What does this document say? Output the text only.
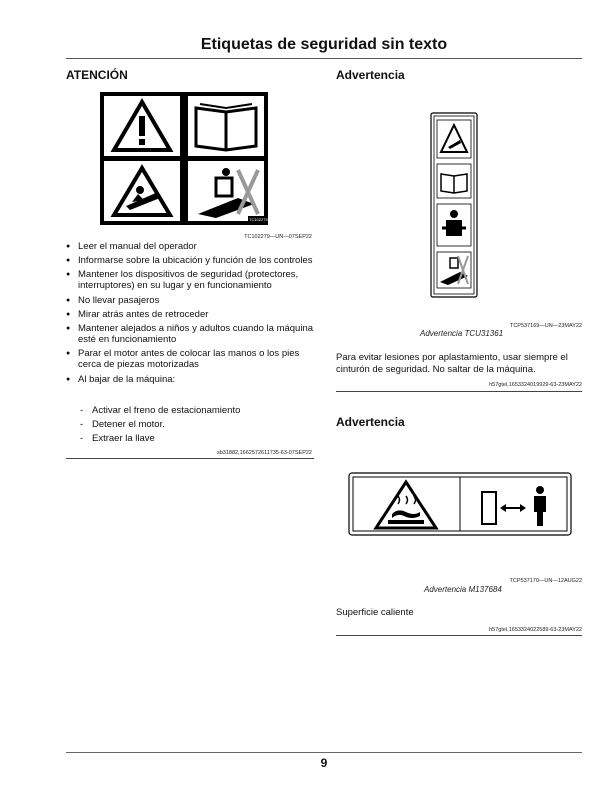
Etiquetas de seguridad sin texto
ATENCIÓN
TC102279
TC102279—UN—07SEP22
● Leer el manual del operador
● Informarse sobre la ubicación y función de los controles
● Mantener los dispositivos de seguridad (protectores, interruptores) en su lugar y en funcionamiento
● No llevar pasajeros
● Mirar atrás antes de retroceder
● Mantener alejados a niños y adultos cuando la máquina esté en funcionamiento
● Parar el motor antes de colocar las manos o los pies cerca de piezas motorizadas
● Al bajar de la máquina:
- Activar el freno de estacionamiento
- Detener el motor.
- Extraer la llave
sb31882,1662572611735-63-07SEP22
Advertencia
TCP537169—UN—23MAY22
Advertencia TCU31361
Para evitar lesiones por aplastamiento, usar siempre el cinturón de seguridad. No saltar de la máquina.
h57gtel,1653324019929-63-23MAY22
Advertencia
TCP537170—UN—12AUG22
Advertencia M137684
Superficie caliente
h57gtel,1653324022589-63-23MAY22
9
